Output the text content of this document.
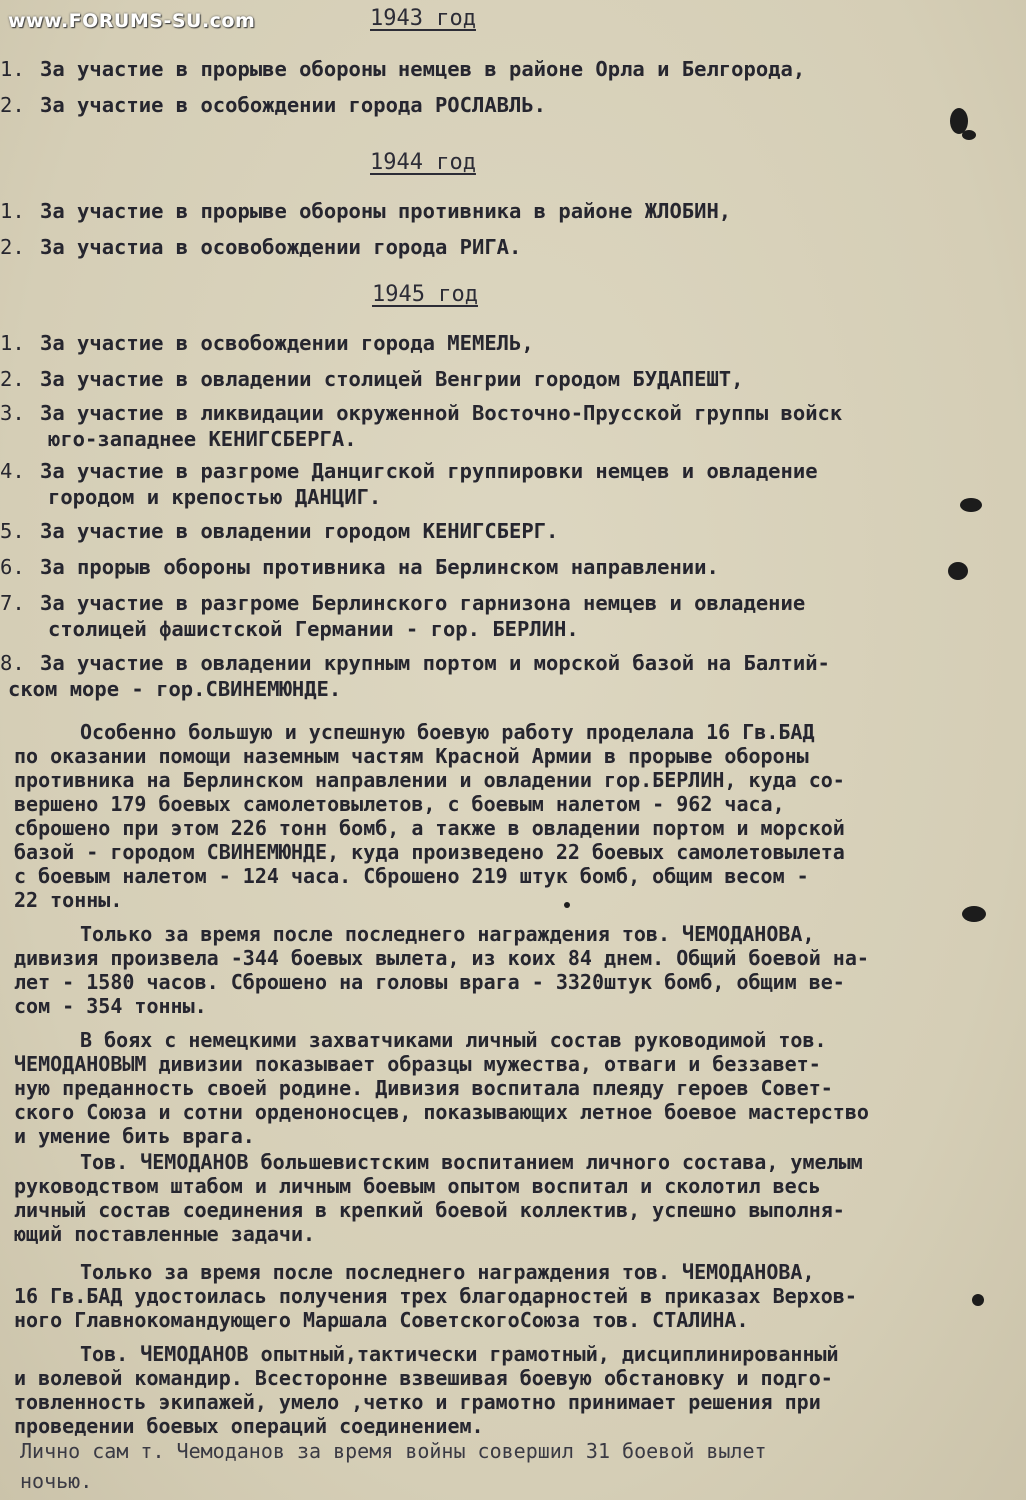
www.FORUMS-SU.com	1943 год
1. За участие в прорыве обороны немцев в районе Орла и Белгорода,
2. За участие в особождении города РОСЛАВЛЬ.
1944 год
1. За участие в прорыве обороны противника в районе ЖЛОБИН,
2. За участиа в осовобождении города РИГА.
1945 год
1. За участие в освобождении города МЕМЕЛЬ,
2. За участие в овладении столицей Венгрии городом БУДАПЕШТ,
3. За участие в ликвидации окруженной Восточно-Прусской группы войск
юго-западнее КЕНИГСБЕРГА.
4. За участие в разгроме Данцигской группировки немцев и овладение
городом и крепостью ДАНЦИГ.
5. За участие в овладении городом КЕНИГСБЕРГ.
6. За прорыв обороны противника на Берлинском направлении.
7. За участие в разгроме Берлинского гарнизона немцев и овладение
столицей фашистской Германии - гор. БЕРЛИН.
8. За участие в овладении крупным портом и морской базой на Балтий-
ском море - гор.СВИНЕМЮНДЕ.
Особенно большую и успешную боевую работу проделала 16 Гв.БАД
по оказании помощи наземным частям Красной Армии в прорыве обороны
противника на Берлинском направлении и овладении гор.БЕРЛИН, куда со-
вершено 179 боевых самолетовылетов, с боевым налетом - 962 часа,
сброшено при этом 226 тонн бомб, а также в овладении портом и морской
базой - городом СВИНЕМЮНДЕ, куда произведено 22 боевых самолетовылета
с боевым налетом - 124 часа. Сброшено 219 штук бомб, общим весом -
22 тонны.
Только за время после последнего награждения тов. ЧЕМОДАНОВА,
дивизия произвела -344 боевых вылета, из коих 84 днем. Общий боевой на-
лет - 1580 часов. Сброшено на головы врага - 3320штук бомб, общим ве-
сом - 354 тонны.
В боях с немецкими захватчиками личный состав руководимой тов.
ЧЕМОДАНОВЫМ дивизии показывает образцы мужества, отваги и беззавет-
ную преданность своей родине. Дивизия воспитала плеяду героев Совет-
ского Союза и сотни орденоносцев, показывающих летное боевое мастерство
и умение бить врага.
Тов. ЧЕМОДАНОВ большевистским воспитанием личного состава, умелым
руководством штабом и личным боевым опытом воспитал и сколотил весь
личный состав соединения в крепкий боевой коллектив, успешно выполня-
ющий поставленные задачи.
Только за время после последнего награждения тов. ЧЕМОДАНОВА,
16 Гв.БАД удостоилась получения трех благодарностей в приказах Верхов-
ного Главнокомандующего Маршала СоветскогоСоюза тов. СТАЛИНА.
Тов. ЧЕМОДАНОВ опытный,тактически грамотный, дисциплинированный
и волевой командир. Всесторонне взвешивая боевую обстановку и подго-
товленность экипажей, умело ,четко и грамотно принимает решения при
проведении боевых операций соединением.
Лично сам т. Чемоданов за время войны совершил 31 боевой вылет
ночью.
